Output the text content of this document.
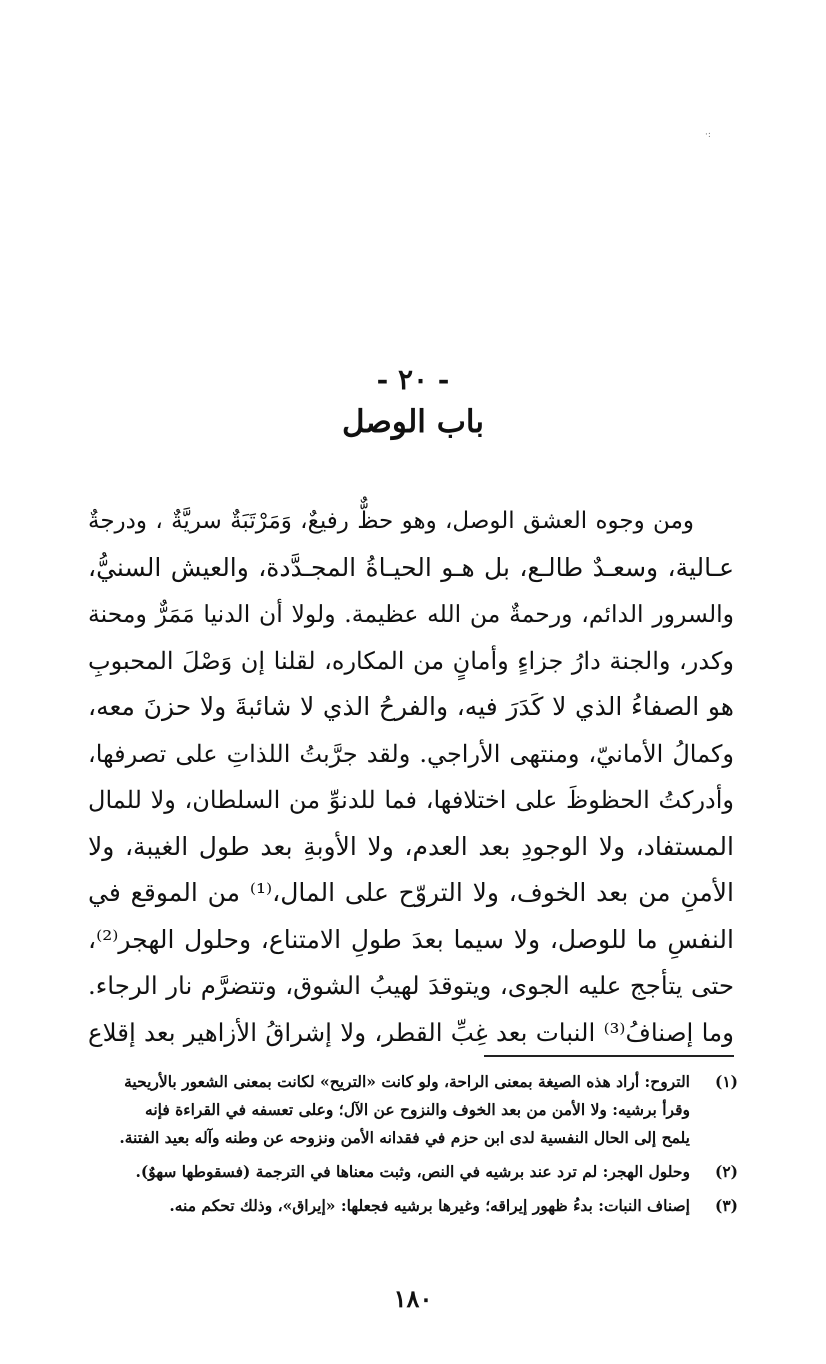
·:
- ٢٠ -
باب الوصل
ومن وجوه العشق الوصل، وهو حظٌّ رفيعٌ، وَمَرْتَبَةٌ سريَّةٌ ، ودرجةٌ
عـالية، وسعـدٌ طالـع، بل هـو الحيـاةُ المجـدَّدة، والعيش السنيُّ،
والسرور الدائم، ورحمةٌ من الله عظيمة. ولولا أن الدنيا مَمَرٌّ ومحنة
وكدر، والجنة دارُ جزاءٍ وأمانٍ من المكاره، لقلنا إن وَصْلَ المحبوبِ
هو الصفاءُ الذي لا كَدَرَ فيه، والفرحُ الذي لا شائبةَ ولا حزنَ معه،
وكمالُ الأمانيّ، ومنتهى الأراجي. ولقد جرَّبتُ اللذاتِ على تصرفها،
وأدركتُ الحظوظَ على اختلافها، فما للدنوِّ من السلطان، ولا للمال
المستفاد، ولا الوجودِ بعد العدم، ولا الأوبةِ بعد طول الغيبة، ولا
الأمنِ من بعد الخوف، ولا التروّح على المال،⁽¹⁾ من الموقع في
النفسِ ما للوصل، ولا سيما بعدَ طولِ الامتناع، وحلول الهجر⁽²⁾،
حتى يتأجج عليه الجوى، ويتوقدَ لهيبُ الشوق، وتتضرَّم نار الرجاء.
وما إصنافُ⁽³⁾ النبات بعد غِبِّ القطر، ولا إشراقُ الأزاهير بعد إقلاع
(١)
التروح: أراد هذه الصيغة بمعنى الراحة، ولو كانت «التريح» لكانت بمعنى الشعور بالأريحية
وقرأ برشيه: ولا الأمن من بعد الخوف والنزوح عن الآل؛ وعلى تعسفه في القراءة فإنه
يلمح إلى الحال النفسية لدى ابن حزم في فقدانه الأمن ونزوحه عن وطنه وآله بعيد الفتنة.
(٢)
وحلول الهجر: لم ترد عند برشيه في النص، وثبت معناها في الترجمة (فسقوطها سهوٌ).
(٣)
إصناف النبات: بدءُ ظهور إيراقه؛ وغيرها برشيه فجعلها: «إيراق»، وذلك تحكم منه.
١٨٠
